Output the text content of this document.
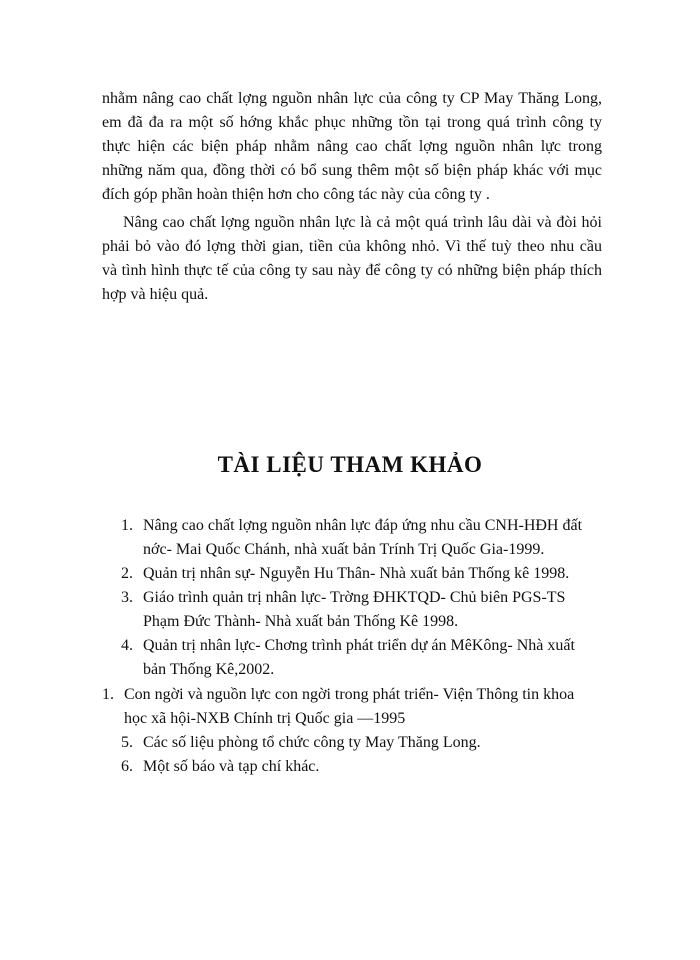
nhằm nâng cao chất lợng nguồn nhân lực của công ty CP May Thăng Long,
em đã đa ra một số hớng khắc phục những tồn tại trong quá trình công ty
thực hiện các biện pháp nhằm nâng cao chất lợng nguồn nhân lực trong
những năm qua, đồng thời có bổ sung thêm một số biện pháp khác với mục
đích góp phần hoàn thiện hơn cho công tác này của công ty .
Nâng cao chất lợng nguồn nhân lực là cả một quá trình lâu dài và đòi hỏi
phải bỏ vào đó lợng thời gian, tiền của không nhỏ. Vì thế tuỳ theo nhu cầu
và tình hình thực tế của công ty sau này để công ty có những biện pháp thích
hợp và hiệu quả.
TÀI LIỆU THAM KHẢO
1. Nâng cao chất lợng nguồn nhân lực đáp ứng nhu cầu CNH-HĐH đất
nớc- Mai Quốc Chánh, nhà xuất bản Trính Trị Quốc Gia-1999.
2. Quản trị nhân sự- Nguyễn Hu Thân- Nhà xuất bản Thống kê 1998.
3. Giáo trình quản trị nhân lực- Trờng ĐHKTQD- Chủ biên PGS-TS
Phạm Đức Thành- Nhà xuất bản Thống Kê 1998.
4. Quản trị nhân lực- Chơng trình phát triển dự án MêKông- Nhà xuất
bản Thống Kê,2002.
1. Con ngời và nguồn lực con ngời trong phát triển- Viện Thông tin khoa
học xã hội-NXB Chính trị Quốc gia —1995
5. Các số liệu phòng tổ chức công ty May Thăng Long.
6. Một số báo và tạp chí khác.
